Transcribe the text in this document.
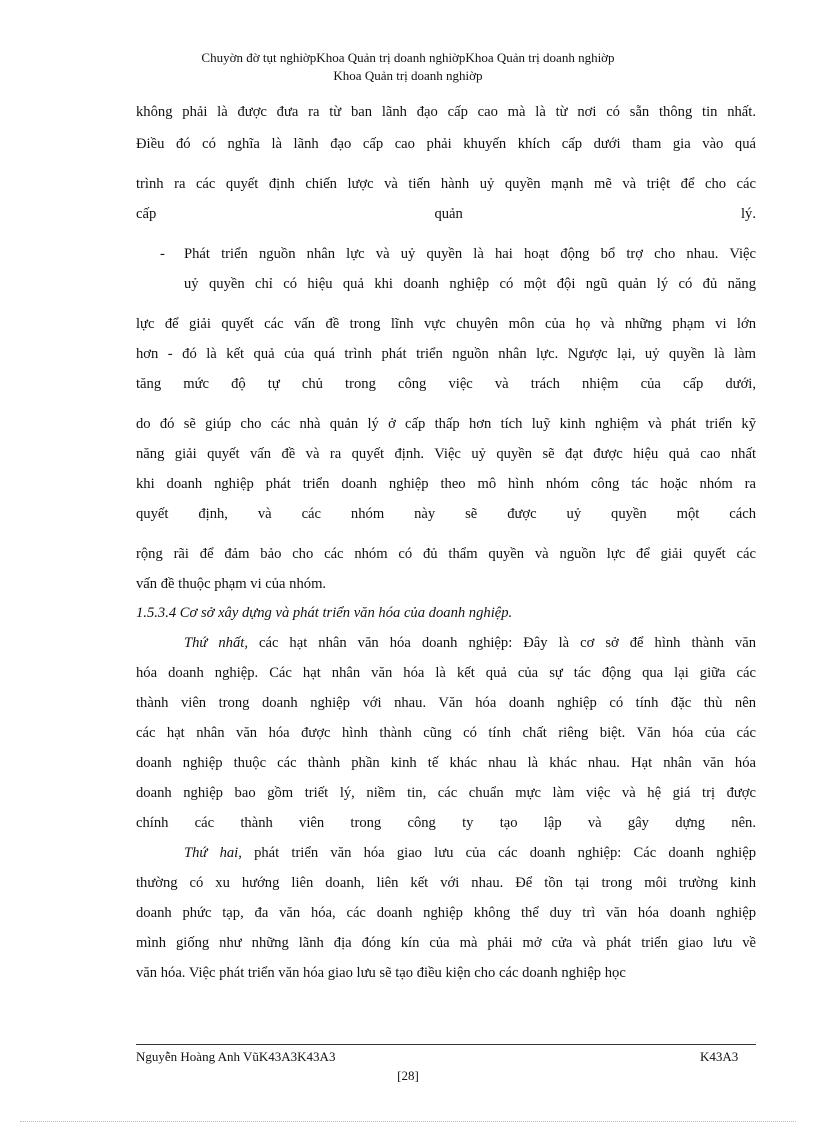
Chuyờn đờ tụt nghiờpKhoa Quản trị doanh nghiờpKhoa Quản trị doanh nghiờp
Khoa Quản trị doanh nghiờp
không phải là được đưa ra từ ban lãnh đạo cấp cao mà là từ nơi có sẵn thông tin nhất.
Điều đó có nghĩa là lãnh đạo cấp cao phải khuyến khích cấp dưới tham gia vào quá
trình ra các quyết định chiến lược và tiến hành uỷ quyền mạnh mẽ và triệt để cho các
cấp quản lý.
- Phát triển nguồn nhân lực và uỷ quyền là hai hoạt động bổ trợ cho nhau. Việc
uỷ quyền chỉ có hiệu quả khi doanh nghiệp có một đội ngũ quản lý có đủ năng
lực để giải quyết các vấn đề trong lĩnh vực chuyên môn của họ và những phạm vi lớn
hơn - đó là kết quả của quá trình phát triển nguồn nhân lực. Ngược lại, uỷ quyền là làm
tăng mức độ tự chủ trong công việc và trách nhiệm của cấp dưới,
do đó sẽ giúp cho các nhà quản lý ở cấp thấp hơn tích luỹ kinh nghiệm và phát triển kỹ
năng giải quyết vấn đề và ra quyết định. Việc uỷ quyền sẽ đạt được hiệu quả cao nhất
khi doanh nghiệp phát triển doanh nghiệp theo mô hình nhóm công tác hoặc nhóm ra
quyết định, và các nhóm này sẽ được uỷ quyền một cách
rộng rãi để đảm bảo cho các nhóm có đủ thẩm quyền và nguồn lực để giải quyết các
vấn đề thuộc phạm vi của nhóm.
1.5.3.4 Cơ sở xây dựng và phát triển văn hóa của doanh nghiệp.
Thứ nhất, các hạt nhân văn hóa doanh nghiệp: Đây là cơ sở để hình thành văn
hóa doanh nghiệp. Các hạt nhân văn hóa là kết quả của sự tác động qua lại giữa các
thành viên trong doanh nghiệp với nhau. Văn hóa doanh nghiệp có tính đặc thù nên
các hạt nhân văn hóa được hình thành cũng có tính chất riêng biệt. Văn hóa của các
doanh nghiệp thuộc các thành phần kinh tế khác nhau là khác nhau. Hạt nhân văn hóa
doanh nghiệp bao gồm triết lý, niềm tin, các chuẩn mực làm việc và hệ giá trị được
chính các thành viên trong công ty tạo lập và gây dựng nên.
Thứ hai, phát triển văn hóa giao lưu của các doanh nghiệp: Các doanh nghiệp
thường có xu hướng liên doanh, liên kết với nhau. Để tồn tại trong môi trường kinh
doanh phức tạp, đa văn hóa, các doanh nghiệp không thể duy trì văn hóa doanh nghiệp
mình giống như những lãnh địa đóng kín của mà phải mở cửa và phát triển giao lưu về
văn hóa. Việc phát triển văn hóa giao lưu sẽ tạo điều kiện cho các doanh nghiệp học
Nguyễn Hoàng Anh VũK43A3K43A3	K43A3
[28]
